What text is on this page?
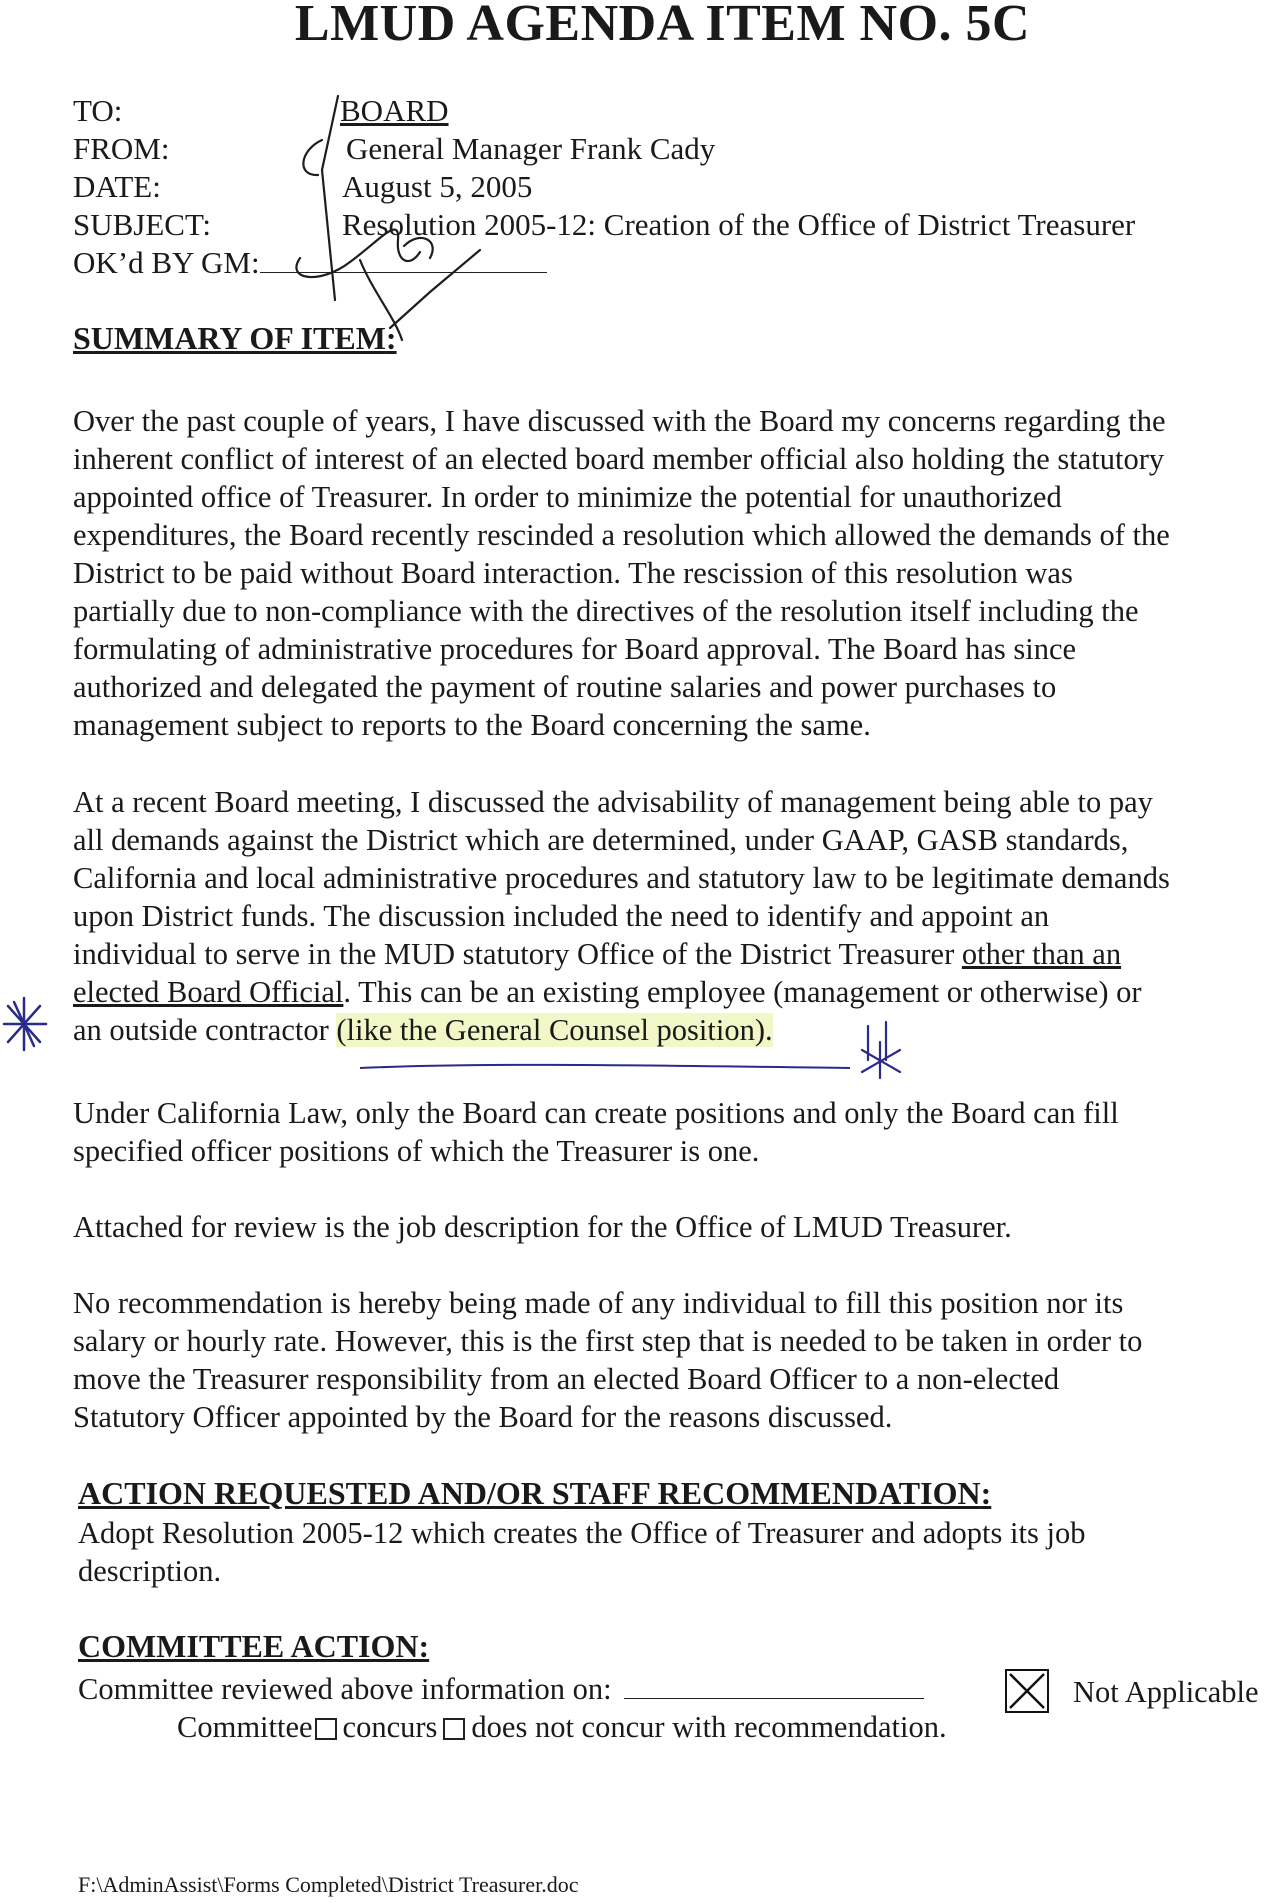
LMUD AGENDA ITEM NO. 5C
TO:	BOARD
FROM:	General Manager Frank Cady
DATE:	August 5, 2005
SUBJECT:	Resolution 2005-12: Creation of the Office of District Treasurer
OK’d BY GM:
SUMMARY OF ITEM:
Over the past couple of years, I have discussed with the Board my concerns regarding the
inherent conflict of interest of an elected board member official also holding the statutory
appointed office of Treasurer. In order to minimize the potential for unauthorized
expenditures, the Board recently rescinded a resolution which allowed the demands of the
District to be paid without Board interaction. The rescission of this resolution was
partially due to non-compliance with the directives of the resolution itself including the
formulating of administrative procedures for Board approval. The Board has since
authorized and delegated the payment of routine salaries and power purchases to
management subject to reports to the Board concerning the same.
At a recent Board meeting, I discussed the advisability of management being able to pay
all demands against the District which are determined, under GAAP, GASB standards,
California and local administrative procedures and statutory law to be legitimate demands
upon District funds. The discussion included the need to identify and appoint an
individual to serve in the MUD statutory Office of the District Treasurer other than an
elected Board Official. This can be an existing employee (management or otherwise) or
an outside contractor (like the General Counsel position).
Under California Law, only the Board can create positions and only the Board can fill
specified officer positions of which the Treasurer is one.
Attached for review is the job description for the Office of LMUD Treasurer.
No recommendation is hereby being made of any individual to fill this position nor its
salary or hourly rate. However, this is the first step that is needed to be taken in order to
move the Treasurer responsibility from an elected Board Officer to a non-elected
Statutory Officer appointed by the Board for the reasons discussed.
ACTION REQUESTED AND/OR STAFF RECOMMENDATION:
Adopt Resolution 2005-12 which creates the Office of Treasurer and adopts its job
description.
COMMITTEE ACTION:
Committee reviewed above information on:	Not Applicable
Committee concurs does not concur with recommendation.
F:\AdminAssist\Forms Completed\District Treasurer.doc
